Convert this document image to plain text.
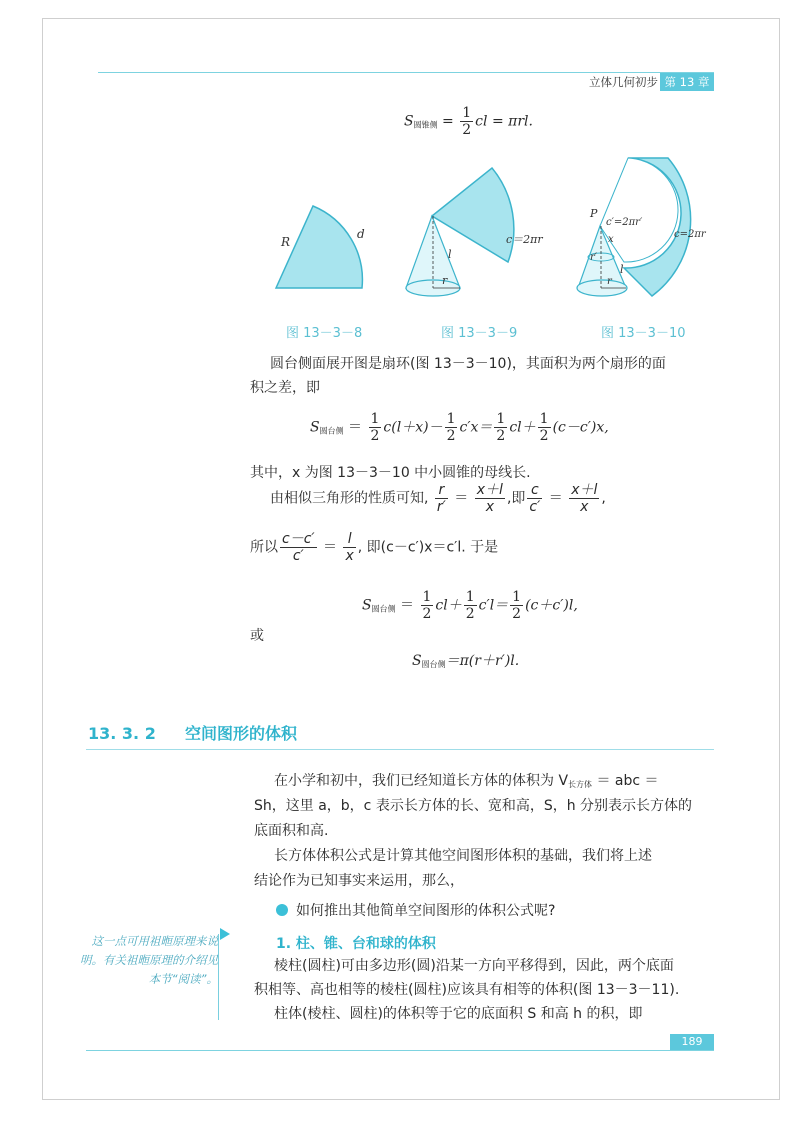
立体几何初步 第 13 章
$S_{圆锥侧} = \frac{1}{2}$ cl = πrl.
R
d
l
r
c＝2πr
P
c′=2πr′
x
r′
l
r
c=2πr
图 13－3－8	图 13－3－9	图 13－3－10
圆台侧面展开图是扇环(图 13－3－10)，其面积为两个扇形的面
积之差，即
$S_{圆台侧} = \frac{1}{2} c(l+x)- \frac{1}{2} c'x= \frac{1}{2} cl+ \frac{1}{2} (c-c')x$,
其中，x 为图 13－3－10 中小圆锥的母线长.
由相似三角形的性质可知, $\frac{r}{r'} = \frac{x+l}{x}$ ,即 $\frac{c}{c'} = \frac{x+l}{x}$ ,
所以 $\frac{c-c'}{c'} = \frac{l}{x}$ , 即(c－c′)x＝c′l. 于是
$S_{圆台侧} = \frac{1}{2} cl+ \frac{1}{2} c'l= \frac{1}{2} (c+c')l$,
或
$S_{圆台侧}=\pi(r+r')l$.
13. 3. 2 空间图形的体积
在小学和初中，我们已经知道长方体的体积为 $V_{长方体}$ ＝ abc ＝
Sh，这里 a，b，c 表示长方体的长、宽和高，S，h 分别表示长方体的
底面积和高.
长方体体积公式是计算其他空间图形体积的基础，我们将上述
结论作为已知事实来运用，那么，
如何推出其他简单空间图形的体积公式呢?
这一点可用祖暅原理来说明。有关祖暅原理的介绍见本节“阅读”。
1. 柱、锥、台和球的体积
棱柱(圆柱)可由多边形(圆)沿某一方向平移得到，因此，两个底面
积相等、高也相等的棱柱(圆柱)应该具有相等的体积(图 13－3－11).
柱体(棱柱、圆柱)的体积等于它的底面积 S 和高 h 的积，即
189
